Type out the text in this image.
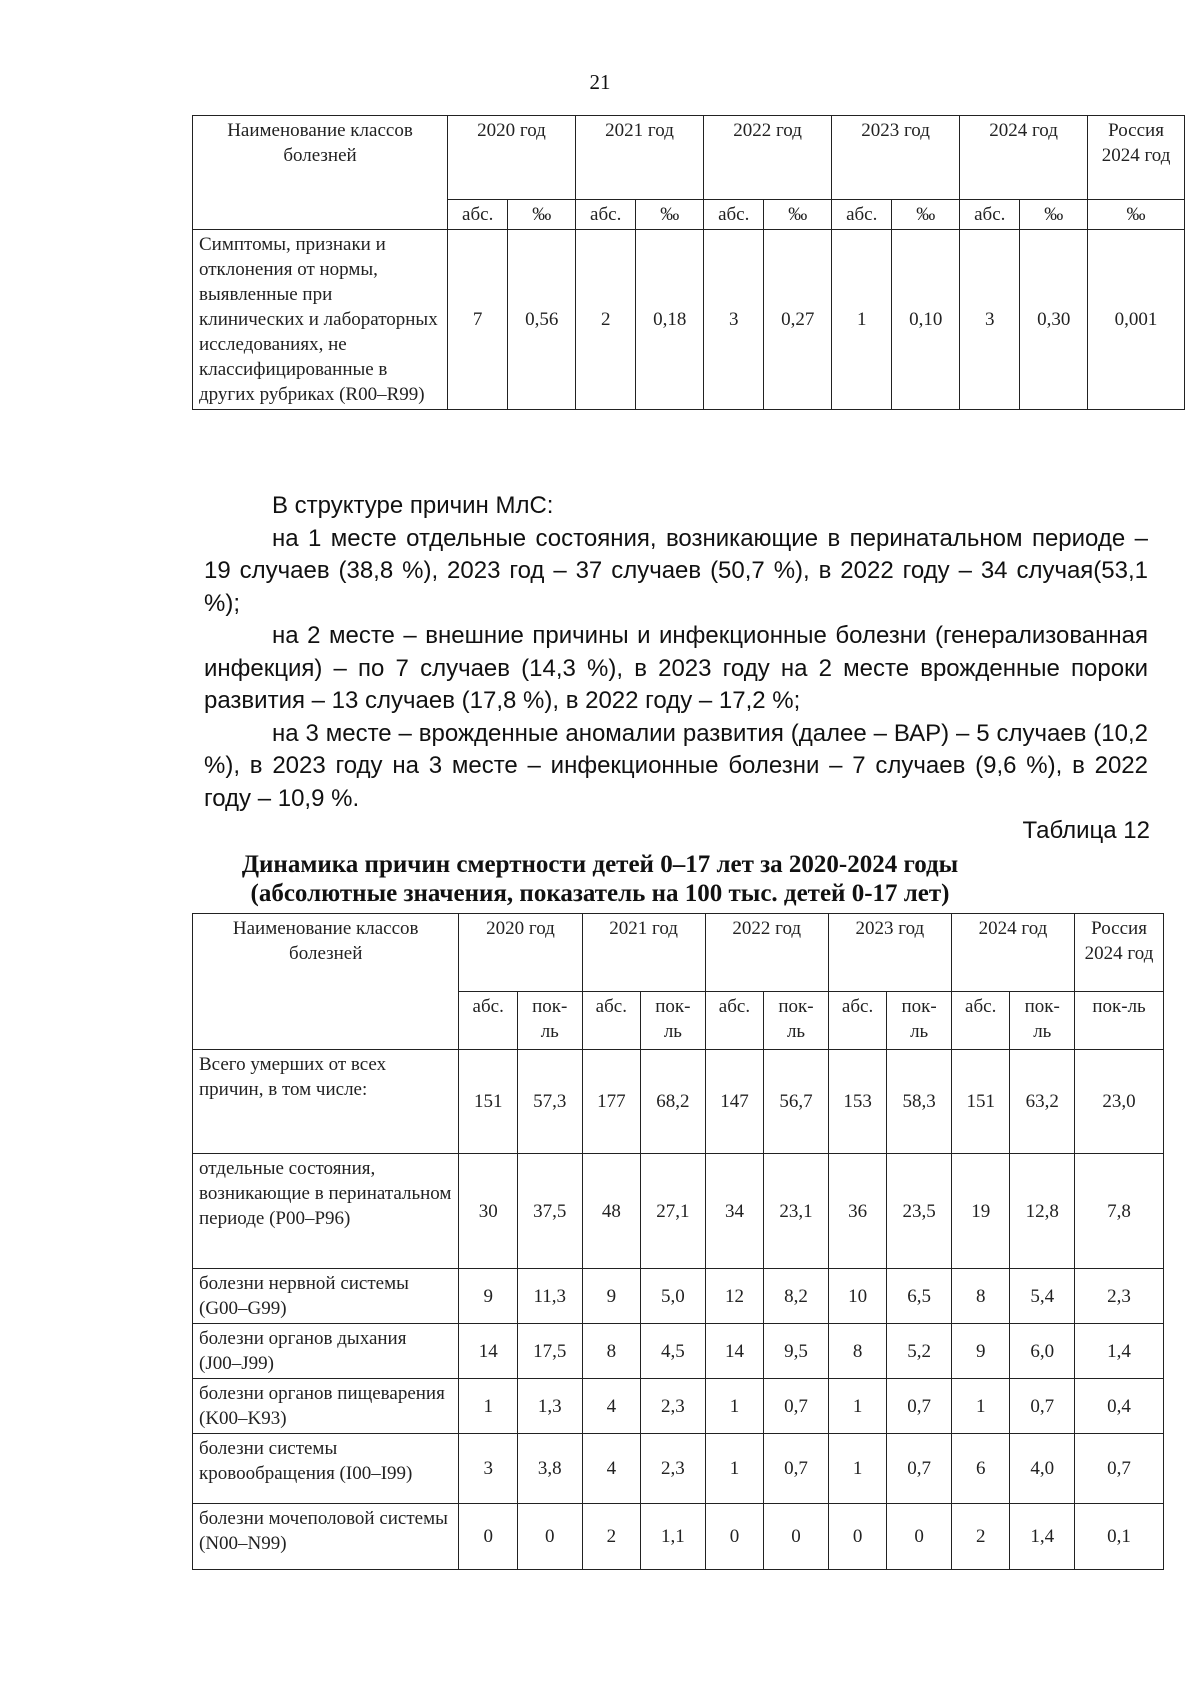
21
Наименование классов болезней	2020 год		2021 год		2022 год		2023 год		2024 год		Россия 2024 год
	абс.	‰	абс.	‰	абс.	‰	абс.	‰	абс.	‰	‰
Симптомы, признаки и отклонения от нормы, выявленные при клинических и лабораторных исследованиях, не классифицированные в других рубриках (R00–R99)	7	0,56	2	0,18	3	0,27	1	0,10	3	0,30	0,001

В структуре причин МлС:

на 1 месте отдельные состояния, возникающие в перинатальном периоде – 19 случаев (38,8 %), 2023 год – 37 случаев (50,7 %), в 2022 году – 34 случая(53,1 %);

на 2 месте – внешние причины и инфекционные болезни (генерализованная инфекция) – по 7 случаев (14,3 %), в 2023 году на 2 месте врожденные пороки развития – 13 случаев (17,8 %), в 2022 году – 17,2 %;

на 3 месте – врожденные аномалии развития (далее – ВАР) – 5 случаев (10,2 %), в 2023 году на 3 месте – инфекционные болезни – 7 случаев (9,6 %), в 2022 году – 10,9 %.

Таблица 12
Динамика причин смертности детей 0–17 лет за 2020-2024 годы
(абсолютные значения, показатель на 100 тыс. детей 0-17 лет)
Наименование классов болезней	2020 год		2021 год		2022 год		2023 год		2024 год		Россия 2024 год
	абс.	пок-ль	абс.	пок-ль	абс.	пок-ль	абс.	пок-ль	абс.	пок-ль	пок-ль
Всего умерших от всех причин, в том числе:	151	57,3	177	68,2	147	56,7	153	58,3	151	63,2	23,0
отдельные состояния, возникающие в перинатальном периоде (P00–P96)	30	37,5	48	27,1	34	23,1	36	23,5	19	12,8	7,8
болезни нервной системы (G00–G99)	9	11,3	9	5,0	12	8,2	10	6,5	8	5,4	2,3
болезни органов дыхания (J00–J99)	14	17,5	8	4,5	14	9,5	8	5,2	9	6,0	1,4
болезни органов пищеварения (K00–K93)	1	1,3	4	2,3	1	0,7	1	0,7	1	0,7	0,4
болезни системы кровообращения (I00–I99)	3	3,8	4	2,3	1	0,7	1	0,7	6	4,0	0,7
болезни мочеполовой системы (N00–N99)	0	0	2	1,1	0	0	0	0	2	1,4	0,1
